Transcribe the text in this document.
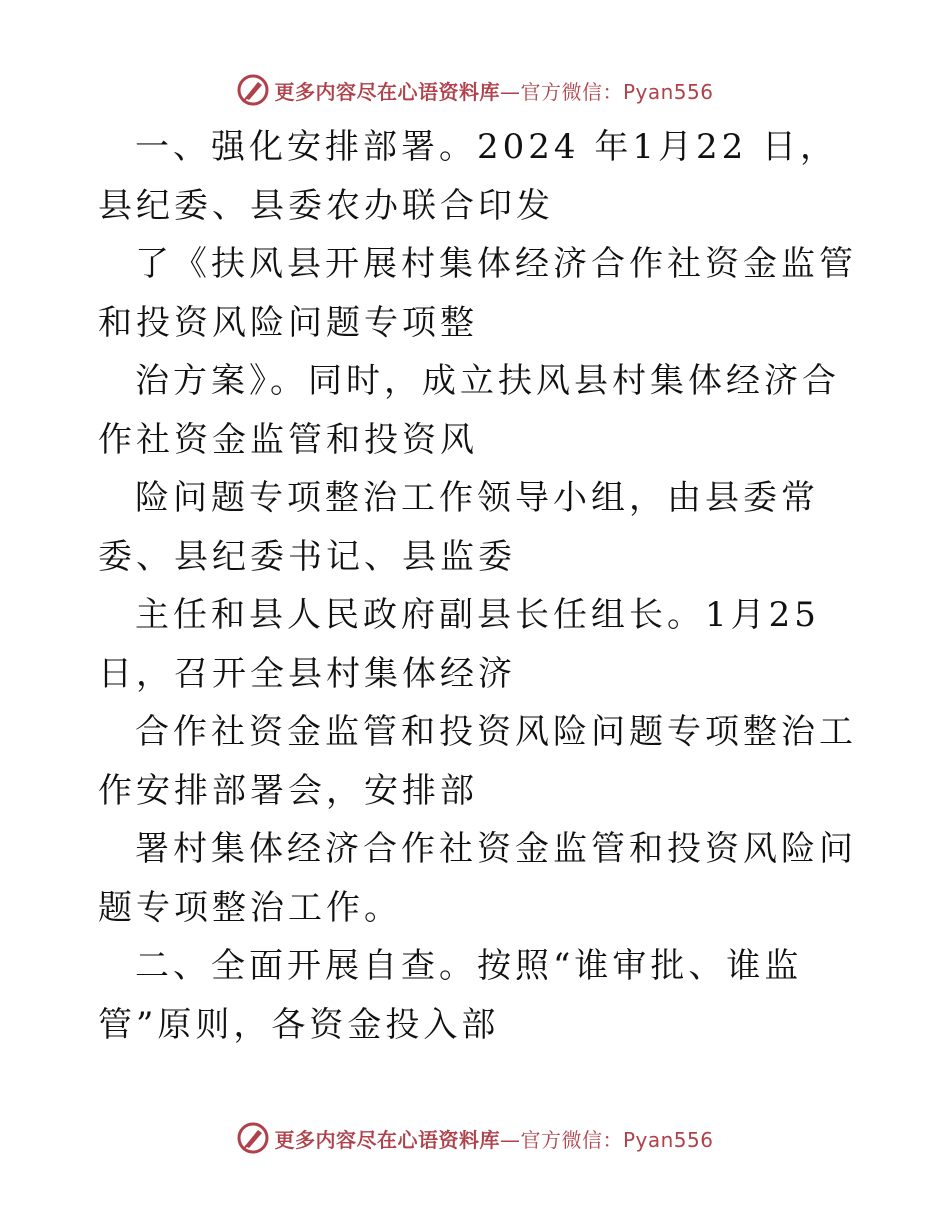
更多内容尽在心语资料库—官方微信：Pyan556

一、强化安排部署。2024 年1月22 日，县纪委、县委农办联合印发

了《扶风县开展村集体经济合作社资金监管和投资风险问题专项整

治方案》。同时，成立扶风县村集体经济合作社资金监管和投资风

险问题专项整治工作领导小组，由县委常委、县纪委书记、县监委

主任和县人民政府副县长任组长。1月25 日，召开全县村集体经济

合作社资金监管和投资风险问题专项整治工作安排部署会，安排部

署村集体经济合作社资金监管和投资风险问题专项整治工作。

二、全面开展自查。按照“谁审批、谁监管”原则，各资金投入部

更多内容尽在心语资料库—官方微信：Pyan556
